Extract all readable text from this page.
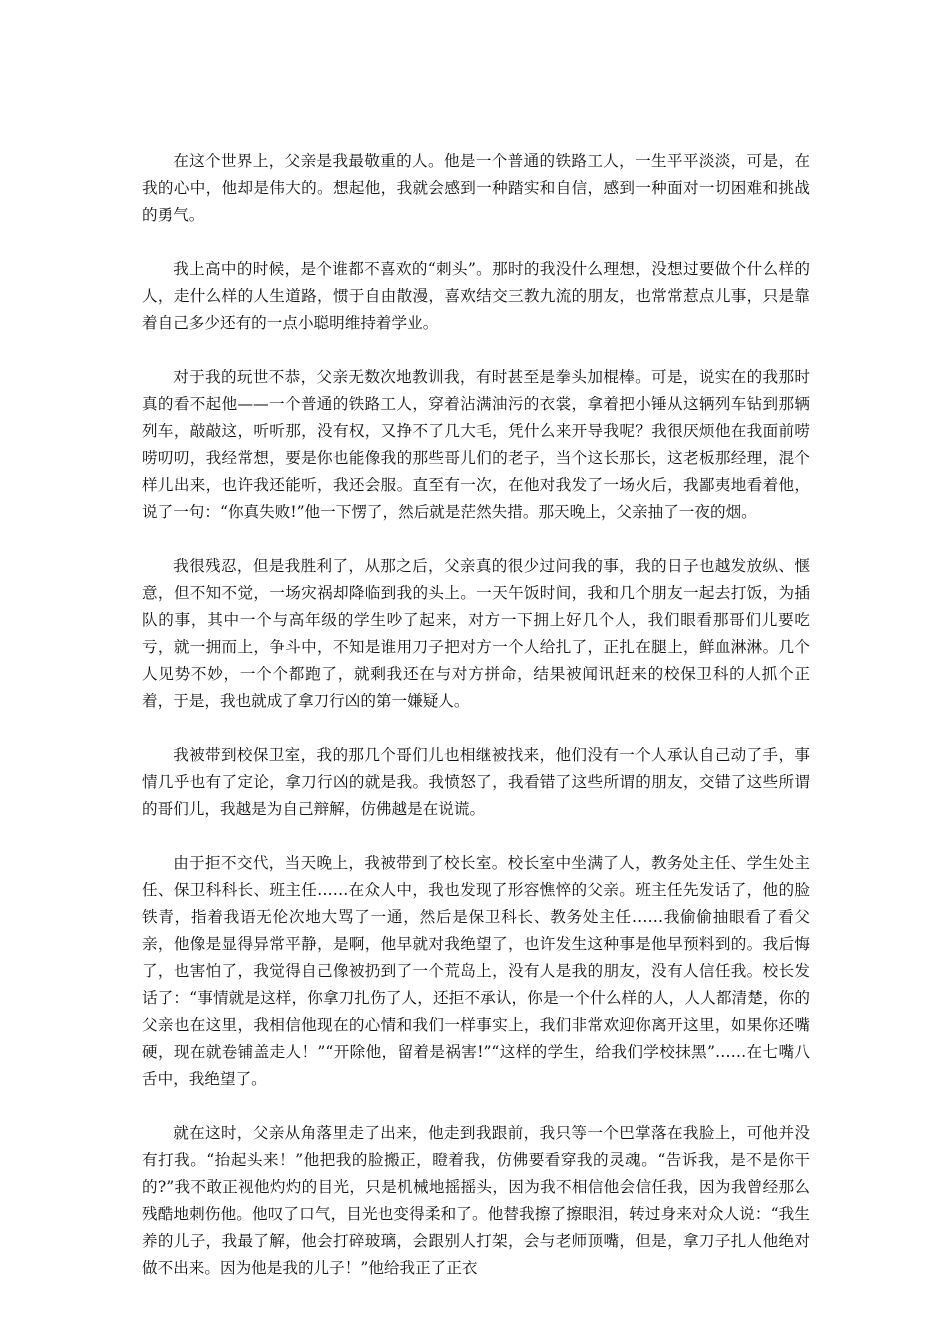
在这个世界上，父亲是我最敬重的人。他是一个普通的铁路工人，一生平平淡淡，可是，在我的心中，他却是伟大的。想起他，我就会感到一种踏实和自信，感到一种面对一切困难和挑战的勇气。

我上高中的时候，是个谁都不喜欢的“刺头”。那时的我没什么理想，没想过要做个什么样的人，走什么样的人生道路，惯于自由散漫，喜欢结交三教九流的朋友，也常常惹点儿事，只是靠着自己多少还有的一点小聪明维持着学业。

对于我的玩世不恭，父亲无数次地教训我，有时甚至是拳头加棍棒。可是，说实在的我那时真的看不起他——一个普通的铁路工人，穿着沾满油污的衣裳，拿着把小锤从这辆列车钻到那辆列车，敲敲这，听听那，没有权，又挣不了几大毛，凭什么来开导我呢？我很厌烦他在我面前唠唠叨叨，我经常想，要是你也能像我的那些哥儿们的老子，当个这长那长，这老板那经理，混个样儿出来，也许我还能听，我还会服。直至有一次，在他对我发了一场火后，我鄙夷地看着他，说了一句：“你真失败!”他一下愣了，然后就是茫然失措。那天晚上，父亲抽了一夜的烟。

我很残忍，但是我胜利了，从那之后，父亲真的很少过问我的事，我的日子也越发放纵、惬意，但不知不觉，一场灾祸却降临到我的头上。一天午饭时间，我和几个朋友一起去打饭，为插队的事，其中一个与高年级的学生吵了起来，对方一下拥上好几个人，我们眼看那哥们儿要吃亏，就一拥而上，争斗中，不知是谁用刀子把对方一个人给扎了，正扎在腿上，鲜血淋淋。几个人见势不妙，一个个都跑了，就剩我还在与对方拼命，结果被闻讯赶来的校保卫科的人抓个正着，于是，我也就成了拿刀行凶的第一嫌疑人。

我被带到校保卫室，我的那几个哥们儿也相继被找来，他们没有一个人承认自己动了手，事情几乎也有了定论，拿刀行凶的就是我。我愤怒了，我看错了这些所谓的朋友，交错了这些所谓的哥们儿，我越是为自己辩解，仿佛越是在说谎。

由于拒不交代，当天晚上，我被带到了校长室。校长室中坐满了人，教务处主任、学生处主任、保卫科科长、班主任……在众人中，我也发现了形容憔悴的父亲。班主任先发话了，他的脸铁青，指着我语无伦次地大骂了一通，然后是保卫科长、教务处主任……我偷偷抽眼看了看父亲，他像是显得异常平静，是啊，他早就对我绝望了，也许发生这种事是他早预料到的。我后悔了，也害怕了，我觉得自己像被扔到了一个荒岛上，没有人是我的朋友，没有人信任我。校长发话了：“事情就是这样，你拿刀扎伤了人，还拒不承认，你是一个什么样的人，人人都清楚，你的父亲也在这里，我相信他现在的心情和我们一样事实上，我们非常欢迎你离开这里，如果你还嘴硬，现在就卷铺盖走人！”“开除他，留着是祸害!”“这样的学生，给我们学校抹黑”……在七嘴八舌中，我绝望了。

就在这时，父亲从角落里走了出来，他走到我跟前，我只等一个巴掌落在我脸上，可他并没有打我。“抬起头来！”他把我的脸搬正，瞪着我，仿佛要看穿我的灵魂。“告诉我，是不是你干的?”我不敢正视他灼灼的目光，只是机械地摇摇头，因为我不相信他会信任我，因为我曾经那么残酷地刺伤他。他叹了口气，目光也变得柔和了。他替我擦了擦眼泪，转过身来对众人说：“我生养的儿子，我最了解，他会打碎玻璃，会跟别人打架，会与老师顶嘴，但是，拿刀子扎人他绝对做不出来。因为他是我的儿子！”他给我正了正衣
